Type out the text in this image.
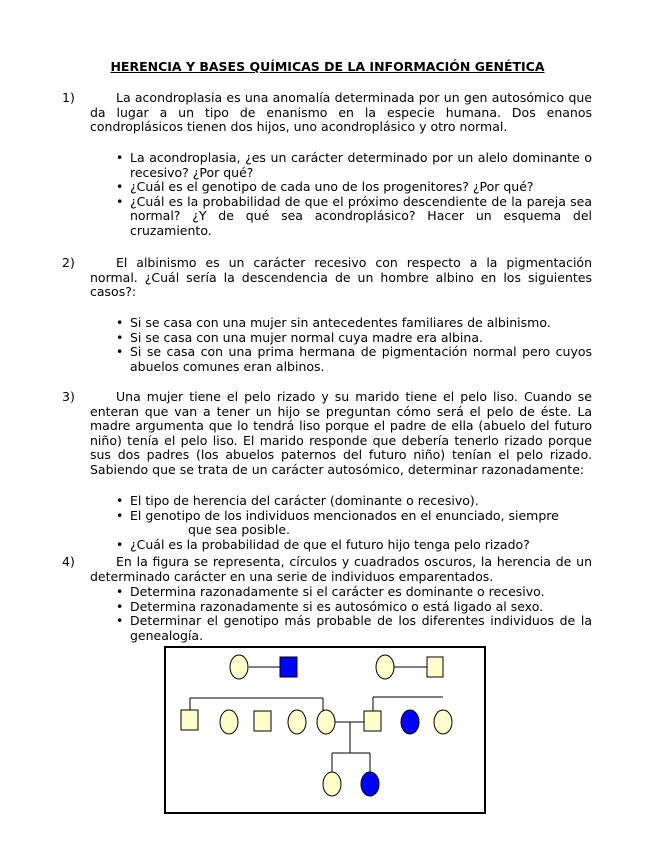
HERENCIA Y BASES QUÍMICAS DE LA INFORMACIÓN GENÉTICA
1)	La acondroplasia es una anomalía determinada por un gen autosómico que da lugar a un tipo de enanismo en la especie humana. Dos enanos condroplásicos tienen dos hijos, uno acondroplásico y otro normal.
• La acondroplasia, ¿es un carácter determinado por un alelo dominante o recesivo? ¿Por qué?
• ¿Cuál es el genotipo de cada uno de los progenitores? ¿Por qué?
• ¿Cuál es la probabilidad de que el próximo descendiente de la pareja sea normal? ¿Y de qué sea acondroplásico? Hacer un esquema del cruzamiento.
2)	El albinismo es un carácter recesivo con respecto a la pigmentación normal. ¿Cuál sería la descendencia de un hombre albino en los siguientes casos?:
• Si se casa con una mujer sin antecedentes familiares de albinismo.
• Si se casa con una mujer normal cuya madre era albina.
• Si se casa con una prima hermana de pigmentación normal pero cuyos abuelos comunes eran albinos.
3)	Una mujer tiene el pelo rizado y su marido tiene el pelo liso. Cuando se enteran que van a tener un hijo se preguntan cómo será el pelo de éste. La madre argumenta que lo tendrá liso porque el padre de ella (abuelo del futuro niño) tenía el pelo liso. El marido responde que debería tenerlo rizado porque sus dos padres (los abuelos paternos del futuro niño) tenían el pelo rizado. Sabiendo que se trata de un carácter autosómico, determinar razonadamente:
• El tipo de herencia del carácter (dominante o recesivo).
• El genotipo de los individuos mencionados en el enunciado, siempre
que sea posible.
• ¿Cuál es la probabilidad de que el futuro hijo tenga pelo rizado?
4)	En la figura se representa, círculos y cuadrados oscuros, la herencia de un determinado carácter en una serie de individuos emparentados.
• Determina razonadamente si el carácter es dominante o recesivo.
• Determina razonadamente si es autosómico o está ligado al sexo.
• Determinar el genotipo más probable de los diferentes individuos de la genealogía.
